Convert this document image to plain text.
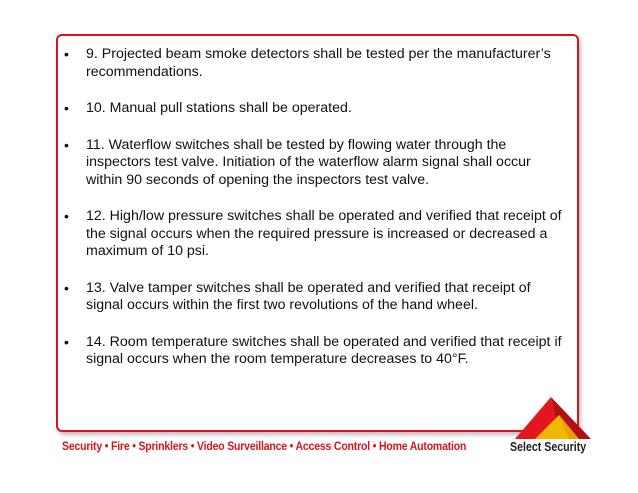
• 9. Projected beam smoke detectors shall be tested per the manufacturer’s recommendations.
• 10. Manual pull stations shall be operated.
• 11. Waterflow switches shall be tested by flowing water through the inspectors test valve. Initiation of the waterflow alarm signal shall occur within 90 seconds of opening the inspectors test valve.
• 12. High/low pressure switches shall be operated and verified that receipt of the signal occurs when the required pressure is increased or decreased a maximum of 10 psi.
• 13. Valve tamper switches shall be operated and verified that receipt of signal occurs within the first two revolutions of the hand wheel.
• 14. Room temperature switches shall be operated and verified that receipt if signal occurs when the room temperature decreases to 40°F.
Security • Fire • Sprinklers • Video Surveillance • Access Control • Home Automation	Select Security
